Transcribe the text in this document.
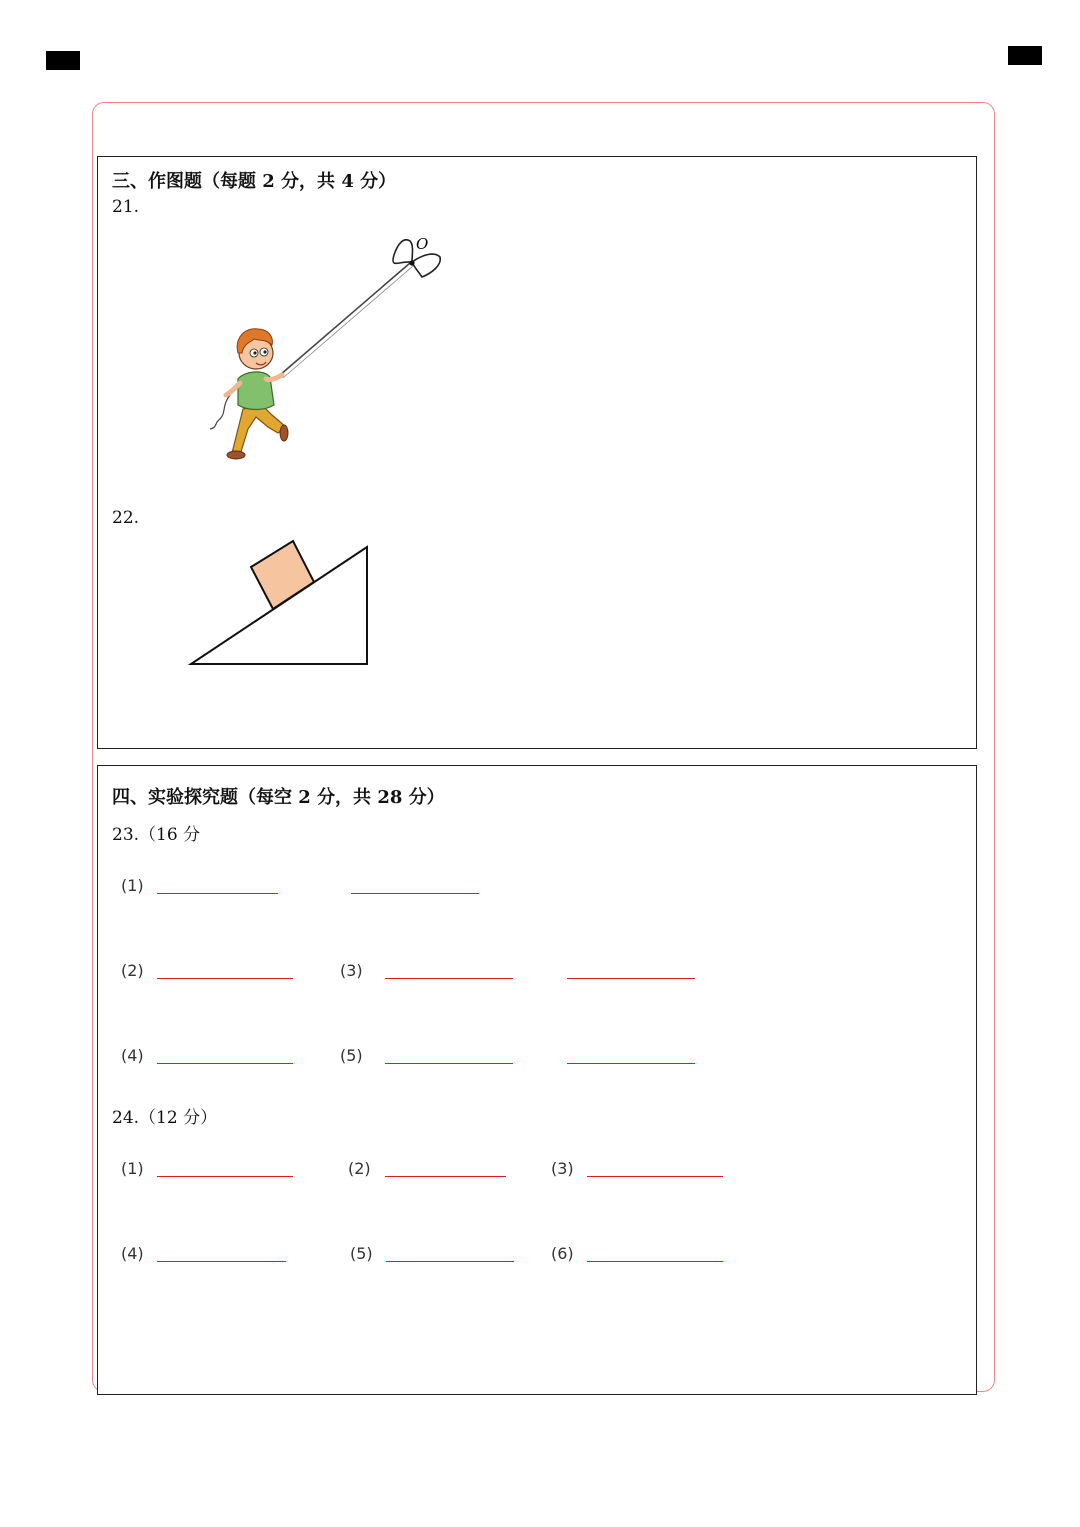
三、作图题（每题 2 分，共 4 分）
21.
O
22.
四、实验探究题（每空 2 分，共 28 分）
23.（16 分
(1)
(2)	(3)
(4)	(5)
24.（12 分）
(1)	(2)	(3)
(4)	(5)	(6)
